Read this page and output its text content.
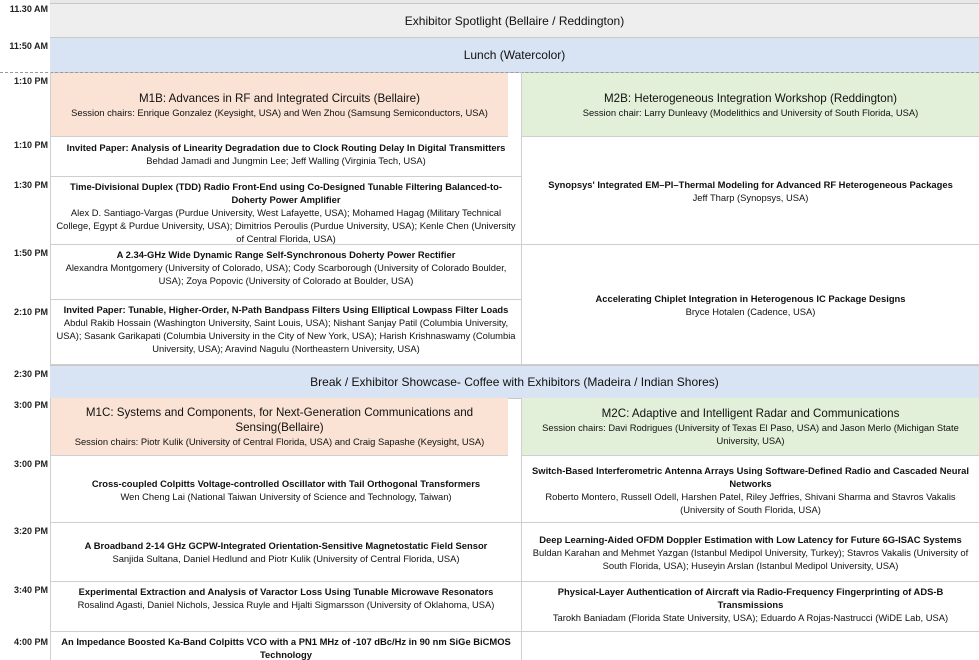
11.30 AM
11:50 AM
1:10 PM
1:10 PM
1:30 PM
1:50 PM
2:10 PM
2:30 PM
3:00 PM
3:00 PM
3:20 PM
3:40 PM
4:00 PM
Exhibitor Spotlight (Bellaire / Reddington)
Lunch (Watercolor)
M1B: Advances in RF and Integrated Circuits (Bellaire)
Session chairs: Enrique Gonzalez (Keysight, USA) and Wen Zhou (Samsung Semiconductors, USA)
M2B: Heterogeneous Integration Workshop (Reddington)
Session chair: Larry Dunleavy (Modelithics and University of South Florida, USA)
Invited Paper: Analysis of Linearity Degradation due to Clock Routing Delay In Digital Transmitters
Behdad Jamadi and Jungmin Lee; Jeff Walling (Virginia Tech, USA)
Time-Divisional Duplex (TDD) Radio Front-End using Co-Designed Tunable Filtering Balanced-to-Doherty Power Amplifier
Alex D. Santiago-Vargas (Purdue University, West Lafayette, USA); Mohamed Hagag (Military Technical College, Egypt & Purdue University, USA); Dimitrios Peroulis (Purdue University, USA); Kenle Chen (University of Central Florida, USA)
A 2.34-GHz Wide Dynamic Range Self-Synchronous Doherty Power Rectifier
Alexandra Montgomery (University of Colorado, USA); Cody Scarborough (University of Colorado Boulder, USA); Zoya Popovic (University of Colorado at Boulder, USA)
Invited Paper: Tunable, Higher-Order, N-Path Bandpass Filters Using Elliptical Lowpass Filter Loads
Abdul Rakib Hossain (Washington University, Saint Louis, USA); Nishant Sanjay Patil (Columbia University, USA); Sasank Garikapati (Columbia University in the City of New York, USA); Harish Krishnaswamy (Columbia University, USA); Aravind Nagulu (Northeastern University, USA)
Synopsys' Integrated EM–PI–Thermal Modeling for Advanced RF Heterogeneous Packages
Jeff Tharp (Synopsys, USA)
Accelerating Chiplet Integration in Heterogenous IC Package Designs
Bryce Hotalen (Cadence, USA)
Break / Exhibitor Showcase- Coffee with Exhibitors (Madeira / Indian Shores)
M1C: Systems and Components, for Next-Generation Communications and Sensing(Bellaire)
Session chairs: Piotr Kulik (University of Central Florida, USA) and Craig Sapashe (Keysight, USA)
M2C: Adaptive and Intelligent Radar and Communications
Session chairs: Davi Rodrigues (University of Texas El Paso, USA) and Jason Merlo (Michigan State University, USA)
Cross-coupled Colpitts Voltage-controlled Oscillator with Tail Orthogonal Transformers
Wen Cheng Lai (National Taiwan University of Science and Technology, Taiwan)
A Broadband 2-14 GHz GCPW-Integrated Orientation-Sensitive Magnetostatic Field Sensor
Sanjida Sultana, Daniel Hedlund and Piotr Kulik (University of Central Florida, USA)
Experimental Extraction and Analysis of Varactor Loss Using Tunable Microwave Resonators
Rosalind Agasti, Daniel Nichols, Jessica Ruyle and Hjalti Sigmarsson (University of Oklahoma, USA)
An Impedance Boosted Ka-Band Colpitts VCO with a PN1 MHz of -107 dBc/Hz in 90 nm SiGe BiCMOS Technology
Switch-Based Interferometric Antenna Arrays Using Software-Defined Radio and Cascaded Neural Networks
Roberto Montero, Russell Odell, Harshen Patel, Riley Jeffries, Shivani Sharma and Stavros Vakalis (University of South Florida, USA)
Deep Learning-Aided OFDM Doppler Estimation with Low Latency for Future 6G-ISAC Systems
Buldan Karahan and Mehmet Yazgan (Istanbul Medipol University, Turkey); Stavros Vakalis (University of South Florida, USA); Huseyin Arslan (Istanbul Medipol University, USA)
Physical-Layer Authentication of Aircraft via Radio-Frequency Fingerprinting of ADS-B Transmissions
Tarokh Baniadam (Florida State University, USA); Eduardo A Rojas-Nastrucci (WiDE Lab, USA)
